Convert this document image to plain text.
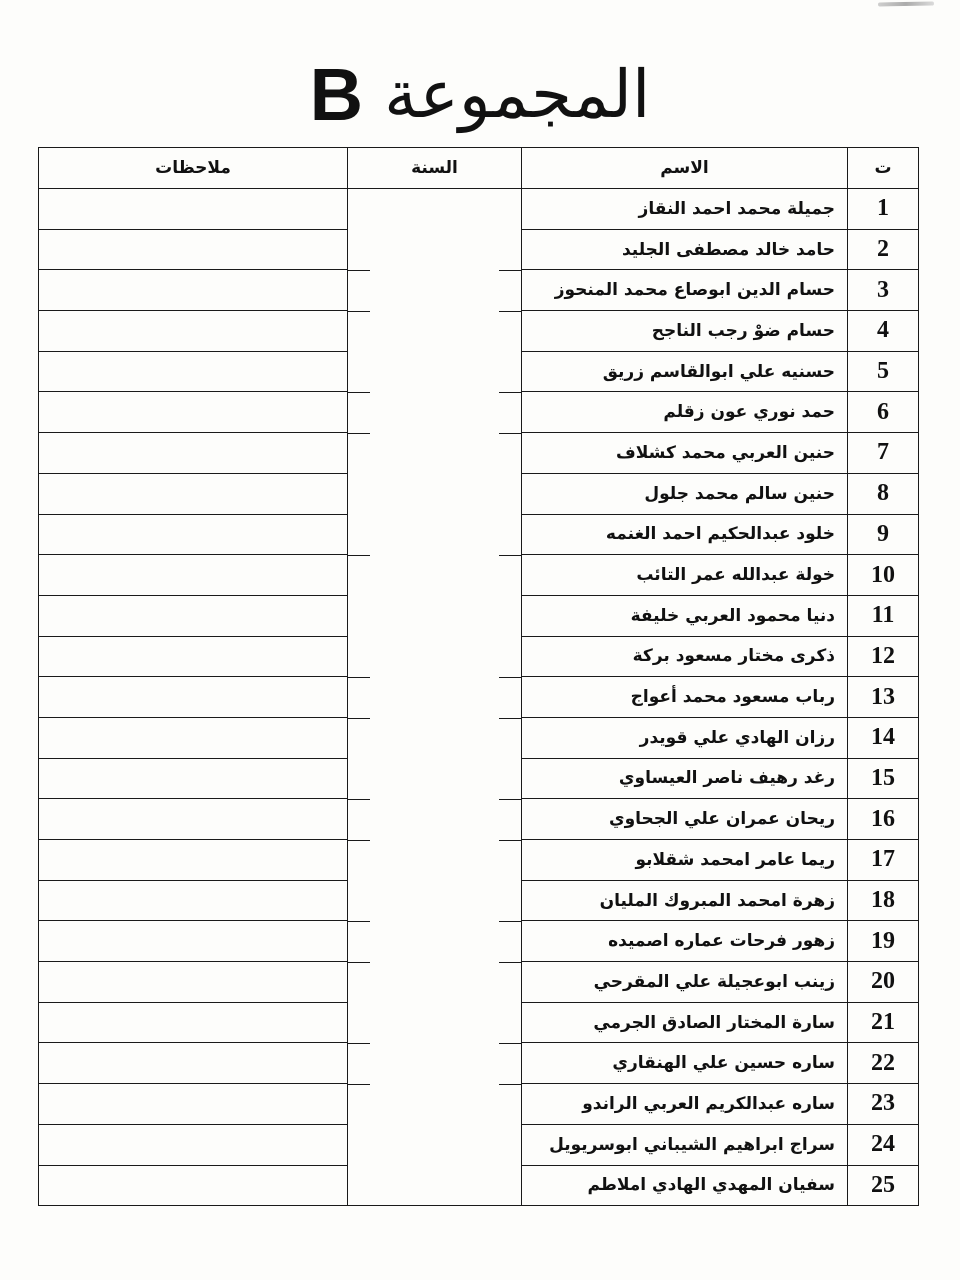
المجموعة
B
ت	الاسم	السنة	ملاحظات
1	جميلة محمد احمد النقاز		
2	حامد خالد مصطفى الجليد		
3	حسام الدين ابوصاع محمد المنحوز		
4	حسام ضوْ رجب الناجح		
5	حسنيه علي ابوالقاسم زريق		
6	حمد نوري عون زقلم		
7	حنين العربي محمد كشلاف		
8	حنين سالم محمد جلول		
9	خلود عبدالحكيم احمد الغنمه		
10	خولة عبدالله عمر التائب		
11	دنيا محمود العربي خليفة		
12	ذكرى مختار مسعود بركة		
13	رباب مسعود محمد أعواج		
14	رزان الهادي علي قويدر		
15	رغد رهيف ناصر العيساوي		
16	ريحان عمران علي الجحاوي		
17	ريما عامر امحمد شقلابو		
18	زهرة امحمد المبروك المليان		
19	زهور فرحات عماره اصميده		
20	زينب ابوعجيلة علي المقرحي		
21	سارة المختار الصادق الجرمي		
22	ساره حسين علي الهنقاري		
23	ساره عبدالكريم العربي الراندو		
24	سراج ابراهيم الشيباني ابوسريويل		
25	سفيان المهدي الهادي املاطم		
